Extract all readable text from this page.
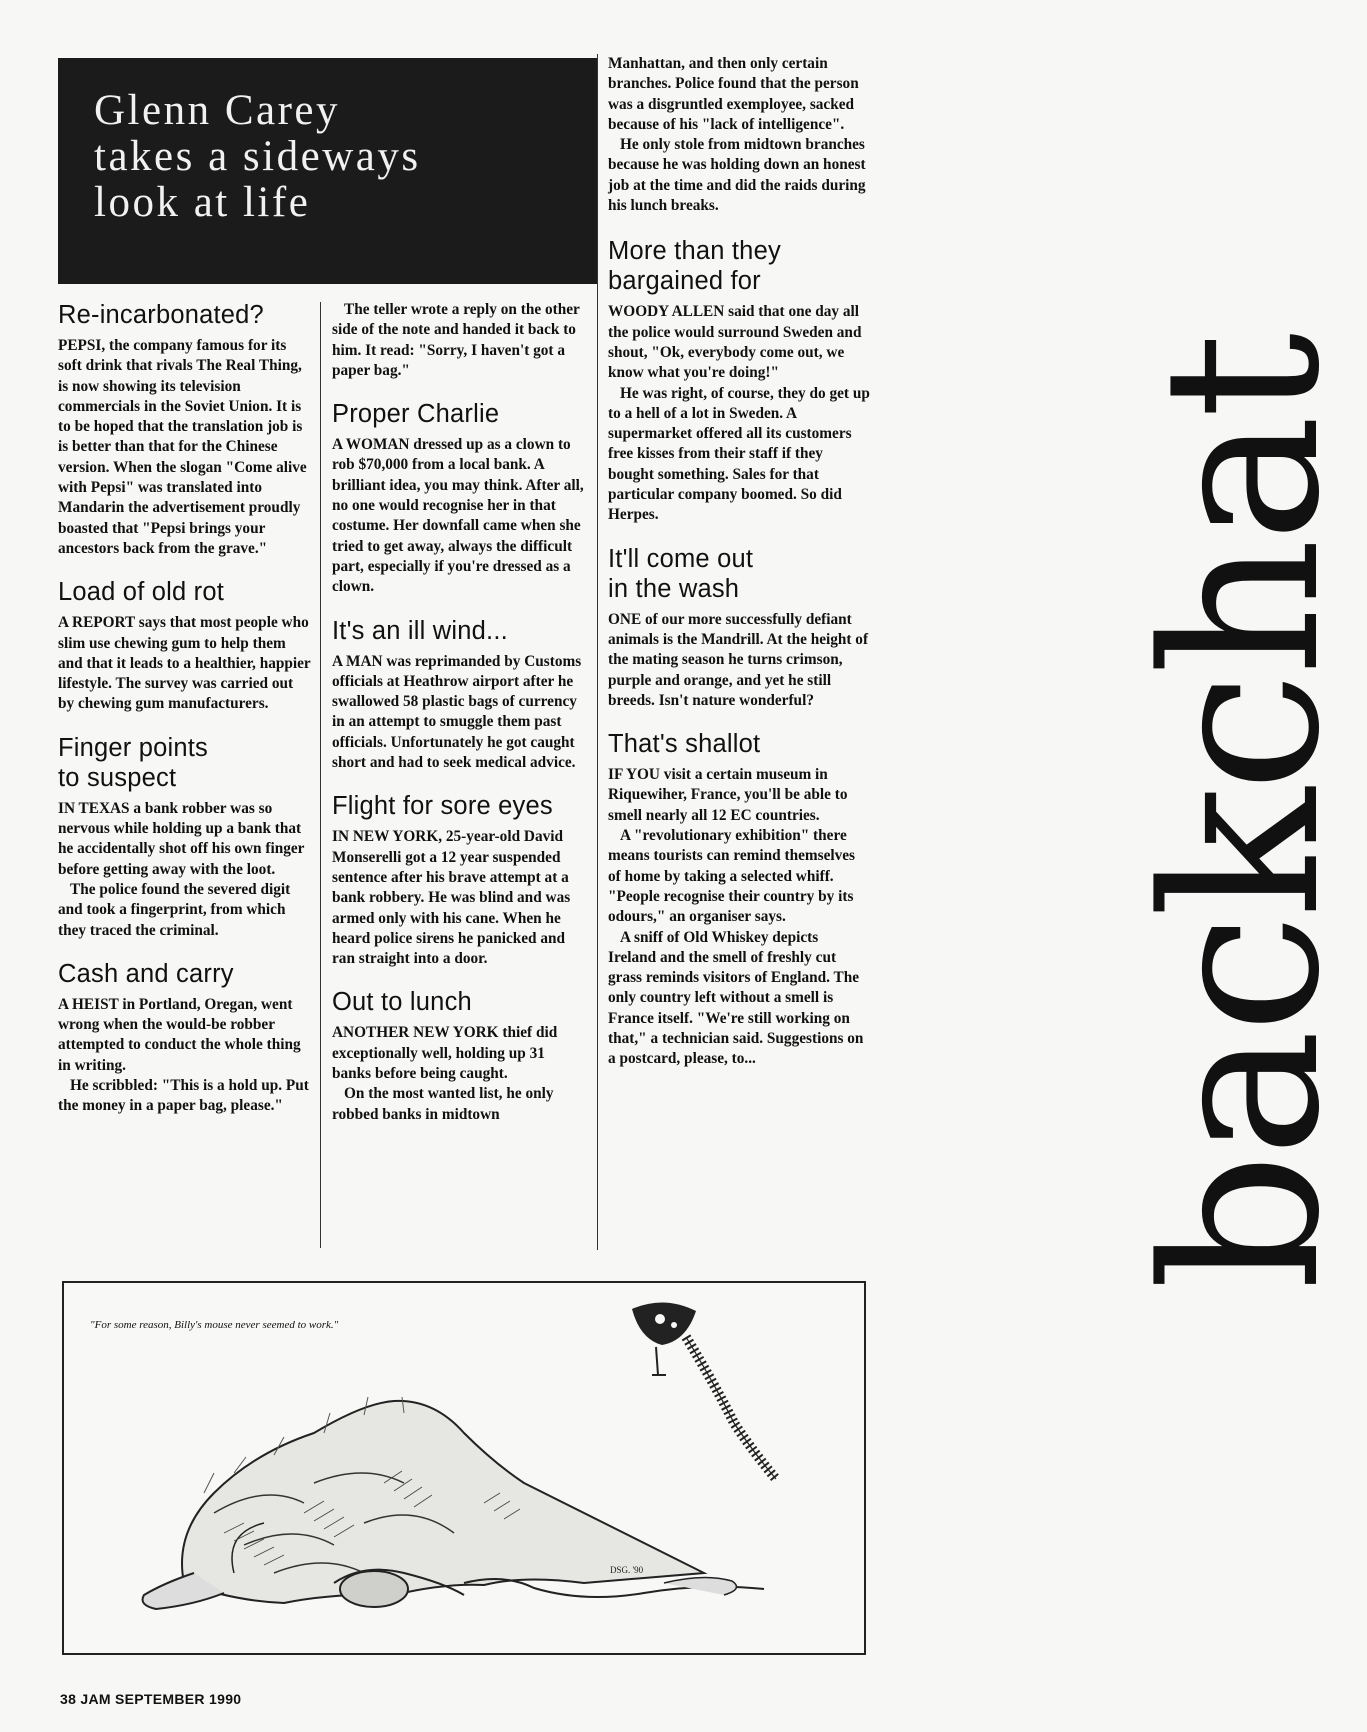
Glenn Carey
takes a sideways
look at life
Re-incarbonated?

PEPSI, the company famous for its soft drink that rivals The Real Thing, is now showing its television commercials in the Soviet Union. It is to be hoped that the translation job is is better than that for the Chinese version. When the slogan "Come alive with Pepsi" was translated into Mandarin the advertisement proudly boasted that "Pepsi brings your ancestors back from the grave."

Load of old rot

A REPORT says that most people who slim use chewing gum to help them and that it leads to a healthier, happier lifestyle. The survey was carried out by chewing gum manufacturers.

Finger points
to suspect

IN TEXAS a bank robber was so nervous while holding up a bank that he accidentally shot off his own finger before getting away with the loot.

The police found the severed digit and took a fingerprint, from which they traced the criminal.

Cash and carry

A HEIST in Portland, Oregan, went wrong when the would-be robber attempted to conduct the whole thing in writing.

He scribbled: "This is a hold up. Put the money in a paper bag, please."

The teller wrote a reply on the other side of the note and handed it back to him. It read: "Sorry, I haven't got a paper bag."

Proper Charlie

A WOMAN dressed up as a clown to rob $70,000 from a local bank. A brilliant idea, you may think. After all, no one would recognise her in that costume. Her downfall came when she tried to get away, always the difficult part, especially if you're dressed as a clown.

It's an ill wind...

A MAN was reprimanded by Customs officials at Heathrow airport after he swallowed 58 plastic bags of currency in an attempt to smuggle them past officials. Unfortunately he got caught short and had to seek medical advice.

Flight for sore eyes

IN NEW YORK, 25-year-old David Monserelli got a 12 year suspended sentence after his brave attempt at a bank robbery. He was blind and was armed only with his cane. When he heard police sirens he panicked and ran straight into a door.

Out to lunch

ANOTHER NEW YORK thief did exceptionally well, holding up 31 banks before being caught.

On the most wanted list, he only robbed banks in midtown

Manhattan, and then only certain branches. Police found that the person was a disgruntled exemployee, sacked because of his "lack of intelligence".

He only stole from midtown branches because he was holding down an honest job at the time and did the raids during his lunch breaks.

More than they
bargained for

WOODY ALLEN said that one day all the police would surround Sweden and shout, "Ok, everybody come out, we know what you're doing!"

He was right, of course, they do get up to a hell of a lot in Sweden. A supermarket offered all its customers free kisses from their staff if they bought something. Sales for that particular company boomed. So did Herpes.

It'll come out
in the wash

ONE of our more successfully defiant animals is the Mandrill. At the height of the mating season he turns crimson, purple and orange, and yet he still breeds. Isn't nature wonderful?

That's shallot

IF YOU visit a certain museum in Riquewiher, France, you'll be able to smell nearly all 12 EC countries.

A "revolutionary exhibition" there means tourists can remind themselves of home by taking a selected whiff. "People recognise their country by its odours," an organiser says.

A sniff of Old Whiskey depicts Ireland and the smell of freshly cut grass reminds visitors of England. The only country left without a smell is France itself. "We're still working on that," a technician said. Suggestions on a postcard, please, to...

"For some reason, Billy's mouse never seemed to work."
DSG. '90
backchat
38 JAM SEPTEMBER 1990
